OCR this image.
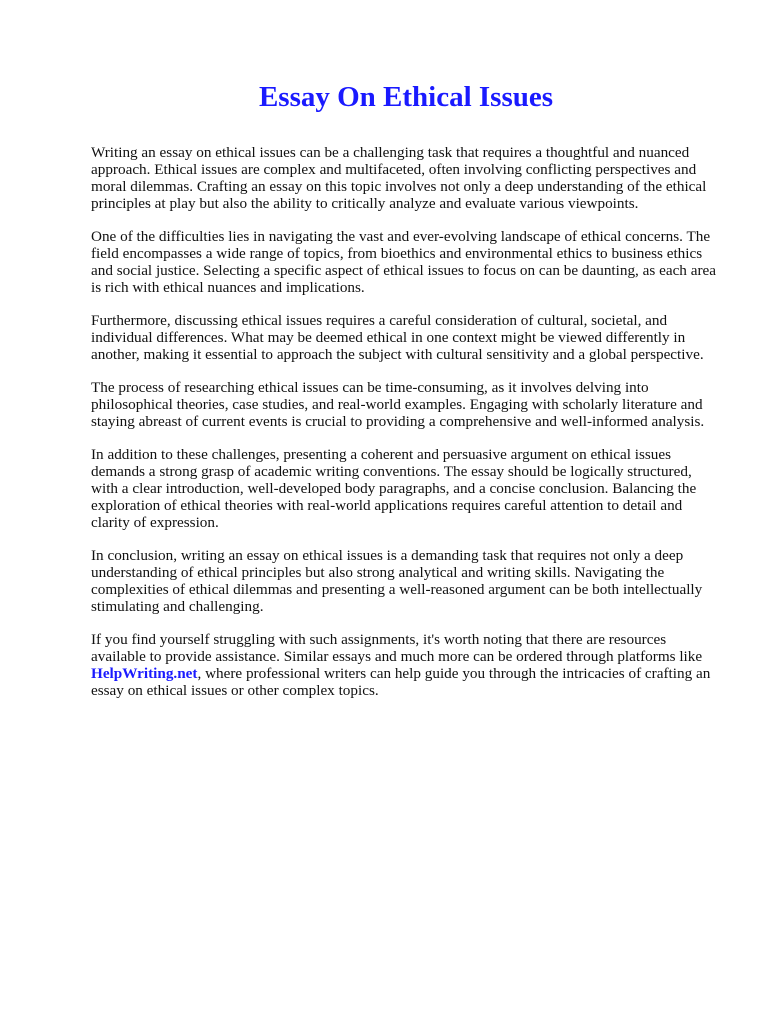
Essay On Ethical Issues

Writing an essay on ethical issues can be a challenging task that requires a thoughtful and nuanced approach. Ethical issues are complex and multifaceted, often involving conflicting perspectives and moral dilemmas. Crafting an essay on this topic involves not only a deep understanding of the ethical principles at play but also the ability to critically analyze and evaluate various viewpoints.

One of the difficulties lies in navigating the vast and ever-evolving landscape of ethical concerns. The field encompasses a wide range of topics, from bioethics and environmental ethics to business ethics and social justice. Selecting a specific aspect of ethical issues to focus on can be daunting, as each area is rich with ethical nuances and implications.

Furthermore, discussing ethical issues requires a careful consideration of cultural, societal, and individual differences. What may be deemed ethical in one context might be viewed differently in another, making it essential to approach the subject with cultural sensitivity and a global perspective.

The process of researching ethical issues can be time-consuming, as it involves delving into philosophical theories, case studies, and real-world examples. Engaging with scholarly literature and staying abreast of current events is crucial to providing a comprehensive and well-informed analysis.

In addition to these challenges, presenting a coherent and persuasive argument on ethical issues demands a strong grasp of academic writing conventions. The essay should be logically structured, with a clear introduction, well-developed body paragraphs, and a concise conclusion. Balancing the exploration of ethical theories with real-world applications requires careful attention to detail and clarity of expression.

In conclusion, writing an essay on ethical issues is a demanding task that requires not only a deep understanding of ethical principles but also strong analytical and writing skills. Navigating the complexities of ethical dilemmas and presenting a well-reasoned argument can be both intellectually stimulating and challenging.

If you find yourself struggling with such assignments, it's worth noting that there are resources available to provide assistance. Similar essays and much more can be ordered through platforms like HelpWriting.net, where professional writers can help guide you through the intricacies of crafting an essay on ethical issues or other complex topics.
